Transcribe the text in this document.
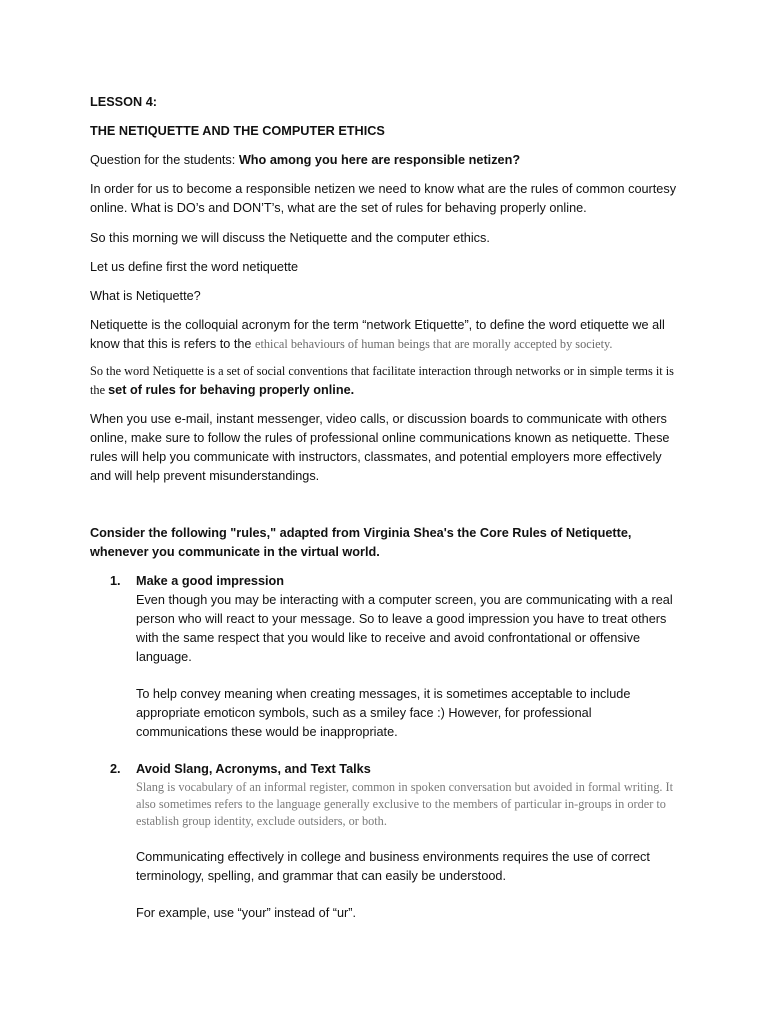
LESSON 4:

THE NETIQUETTE AND THE COMPUTER ETHICS

Question for the students: Who among you here are responsible netizen?

In order for us to become a responsible netizen we need to know what are the rules of common courtesy online. What is DO’s and DON’T’s, what are the set of rules for behaving properly online.

So this morning we will discuss the Netiquette and the computer ethics.

Let us define first the word netiquette

What is Netiquette?

Netiquette is the colloquial acronym for the term “network Etiquette”, to define the word etiquette we all know that this is refers to the ethical behaviours of human beings that are morally accepted by society.

So the word Netiquette is a set of social conventions that facilitate interaction through networks or in simple terms it is the set of rules for behaving properly online.

When you use e-mail, instant messenger, video calls, or discussion boards to communicate with others online, make sure to follow the rules of professional online communications known as netiquette. These rules will help you communicate with instructors, classmates, and potential employers more effectively and will help prevent misunderstandings.

Consider the following "rules," adapted from Virginia Shea's the Core Rules of Netiquette, whenever you communicate in the virtual world.

1. Make a good impression

Even though you may be interacting with a computer screen, you are communicating with a real person who will react to your message. So to leave a good impression you have to treat others with the same respect that you would like to receive and avoid confrontational or offensive language.

To help convey meaning when creating messages, it is sometimes acceptable to include appropriate emoticon symbols, such as a smiley face :) However, for professional communications these would be inappropriate.

2. Avoid Slang, Acronyms, and Text Talks

Slang is vocabulary of an informal register, common in spoken conversation but avoided in formal writing. It also sometimes refers to the language generally exclusive to the members of particular in-groups in order to establish group identity, exclude outsiders, or both.

Communicating effectively in college and business environments requires the use of correct terminology, spelling, and grammar that can easily be understood.

For example, use “your” instead of “ur”.
